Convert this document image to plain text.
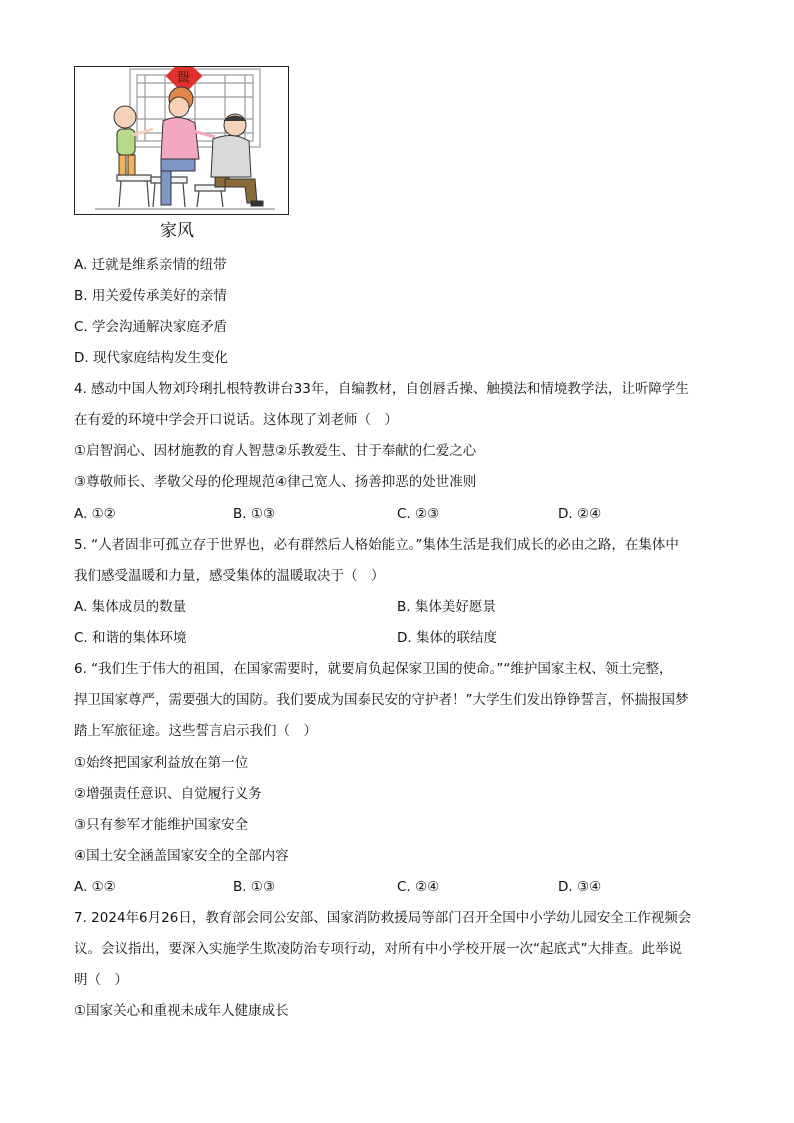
福
家风
A. 迁就是维系亲情的纽带
B. 用关爱传承美好的亲情
C. 学会沟通解决家庭矛盾
D. 现代家庭结构发生变化
4. 感动中国人物刘玲琍扎根特教讲台33年，自编教材，自创唇舌操、触摸法和情境教学法，让听障学生
在有爱的环境中学会开口说话。这体现了刘老师（　）
①启智润心、因材施教的育人智慧②乐教爱生、甘于奉献的仁爱之心
③尊敬师长、孝敬父母的伦理规范④律己宽人、扬善抑恶的处世准则
A. ①②	B. ①③	C. ②③	D. ②④
5. “人者固非可孤立存于世界也，必有群然后人格始能立。”集体生活是我们成长的必由之路，在集体中
我们感受温暖和力量，感受集体的温暖取决于（　）
A. 集体成员的数量	B. 集体美好愿景
C. 和谐的集体环境	D. 集体的联结度
6. “我们生于伟大的祖国，在国家需要时，就要肩负起保家卫国的使命。”“维护国家主权、领土完整，
捍卫国家尊严，需要强大的国防。我们要成为国泰民安的守护者！”大学生们发出铮铮誓言，怀揣报国梦
踏上军旅征途。这些誓言启示我们（　）
①始终把国家利益放在第一位
②增强责任意识、自觉履行义务
③只有参军才能维护国家安全
④国土安全涵盖国家安全的全部内容
A. ①②	B. ①③	C. ②④	D. ③④
7. 2024年6月26日，教育部会同公安部、国家消防救援局等部门召开全国中小学幼儿园安全工作视频会
议。会议指出，要深入实施学生欺凌防治专项行动，对所有中小学校开展一次“起底式”大排查。此举说
明（　）
①国家关心和重视未成年人健康成长
